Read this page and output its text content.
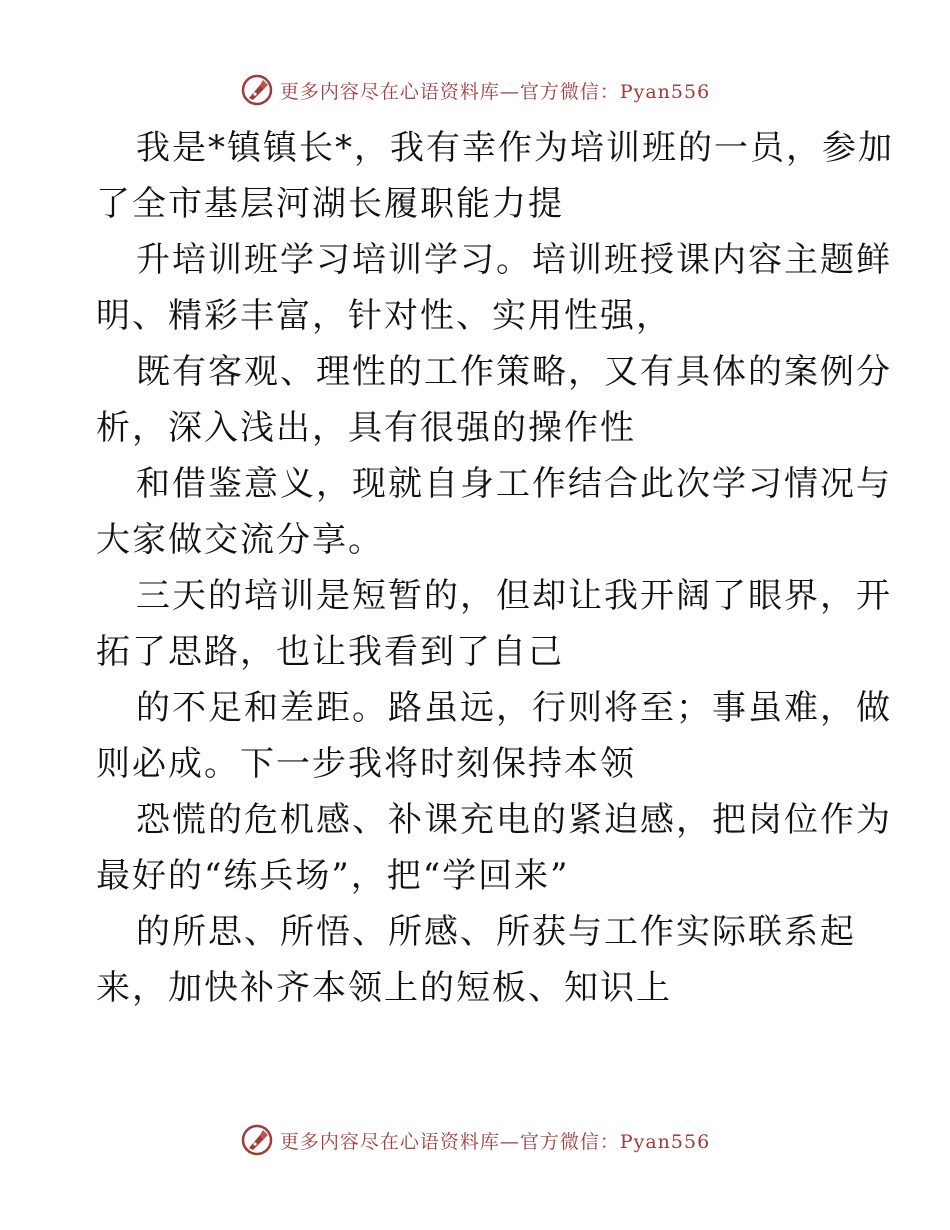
更多内容尽在心语资料库—官方微信：Pyan556

我是*镇镇长*，我有幸作为培训班的一员，参加
了全市基层河湖长履职能力提

升培训班学习培训学习。培训班授课内容主题鲜
明、精彩丰富，针对性、实用性强，

既有客观、理性的工作策略，又有具体的案例分
析，深入浅出，具有很强的操作性

和借鉴意义，现就自身工作结合此次学习情况与
大家做交流分享。

三天的培训是短暂的，但却让我开阔了眼界，开
拓了思路，也让我看到了自己

的不足和差距。路虽远，行则将至；事虽难，做
则必成。下一步我将时刻保持本领

恐慌的危机感、补课充电的紧迫感，把岗位作为
最好的“练兵场”，把“学回来”

的所思、所悟、所感、所获与工作实际联系起
来，加快补齐本领上的短板、知识上

更多内容尽在心语资料库—官方微信：Pyan556
